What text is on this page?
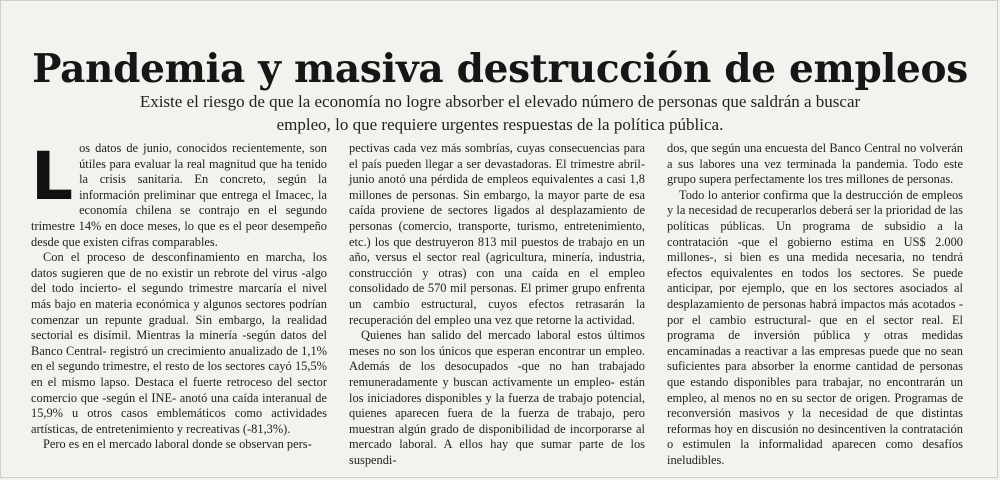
Pandemia y masiva destrucción de empleos
Existe el riesgo de que la economía no logre absorber el elevado número de personas que saldrán a buscar empleo, lo que requiere urgentes respuestas de la política pública.

Los datos de junio, conocidos recientemente, son útiles para evaluar la real magnitud que ha tenido la crisis sanitaria. En concreto, según la información preliminar que entrega el Imacec, la economía chilena se contrajo en el segundo trimestre 14% en doce meses, lo que es el peor desempeño desde que existen cifras comparables.

Con el proceso de desconfinamiento en marcha, los datos sugieren que de no existir un rebrote del virus -algo del todo incierto- el segundo trimestre marcaría el nivel más bajo en materia económica y algunos sectores podrían comenzar un repunte gradual. Sin embargo, la realidad sectorial es disímil. Mientras la minería -según datos del Banco Central- registró un crecimiento anualizado de 1,1% en el segundo trimestre, el resto de los sectores cayó 15,5% en el mismo lapso. Destaca el fuerte retroceso del sector comercio que -según el INE- anotó una caída interanual de 15,9% u otros casos emblemáticos como actividades artísticas, de entretenimiento y recreativas (-81,3%).

Pero es en el mercado laboral donde se observan pers-

pectivas cada vez más sombrías, cuyas consecuencias para el país pueden llegar a ser devastadoras. El trimestre abril-junio anotó una pérdida de empleos equivalentes a casi 1,8 millones de personas. Sin embargo, la mayor parte de esa caída proviene de sectores ligados al desplazamiento de personas (comercio, transporte, turismo, entretenimiento, etc.) los que destruyeron 813 mil puestos de trabajo en un año, versus el sector real (agricultura, minería, industria, construcción y otras) con una caída en el empleo consolidado de 570 mil personas. El primer grupo enfrenta un cambio estructural, cuyos efectos retrasarán la recuperación del empleo una vez que retorne la actividad.

Quienes han salido del mercado laboral estos últimos meses no son los únicos que esperan encontrar un empleo. Además de los desocupados -que no han trabajado remuneradamente y buscan activamente un empleo- están los iniciadores disponibles y la fuerza de trabajo potencial, quienes aparecen fuera de la fuerza de trabajo, pero muestran algún grado de disponibilidad de incorporarse al mercado laboral. A ellos hay que sumar parte de los suspendi-

dos, que según una encuesta del Banco Central no volverán a sus labores una vez terminada la pandemia. Todo este grupo supera perfectamente los tres millones de personas.

Todo lo anterior confirma que la destrucción de empleos y la necesidad de recuperarlos deberá ser la prioridad de las políticas públicas. Un programa de subsidio a la contratación -que el gobierno estima en US$ 2.000 millones-, si bien es una medida necesaria, no tendrá efectos equivalentes en todos los sectores. Se puede anticipar, por ejemplo, que en los sectores asociados al desplazamiento de personas habrá impactos más acotados -por el cambio estructural- que en el sector real. El programa de inversión pública y otras medidas encaminadas a reactivar a las empresas puede que no sean suficientes para absorber la enorme cantidad de personas que estando disponibles para trabajar, no encontrarán un empleo, al menos no en su sector de origen. Programas de reconversión masivos y la necesidad de que distintas reformas hoy en discusión no desincentiven la contratación o estimulen la informalidad aparecen como desafíos ineludibles.
